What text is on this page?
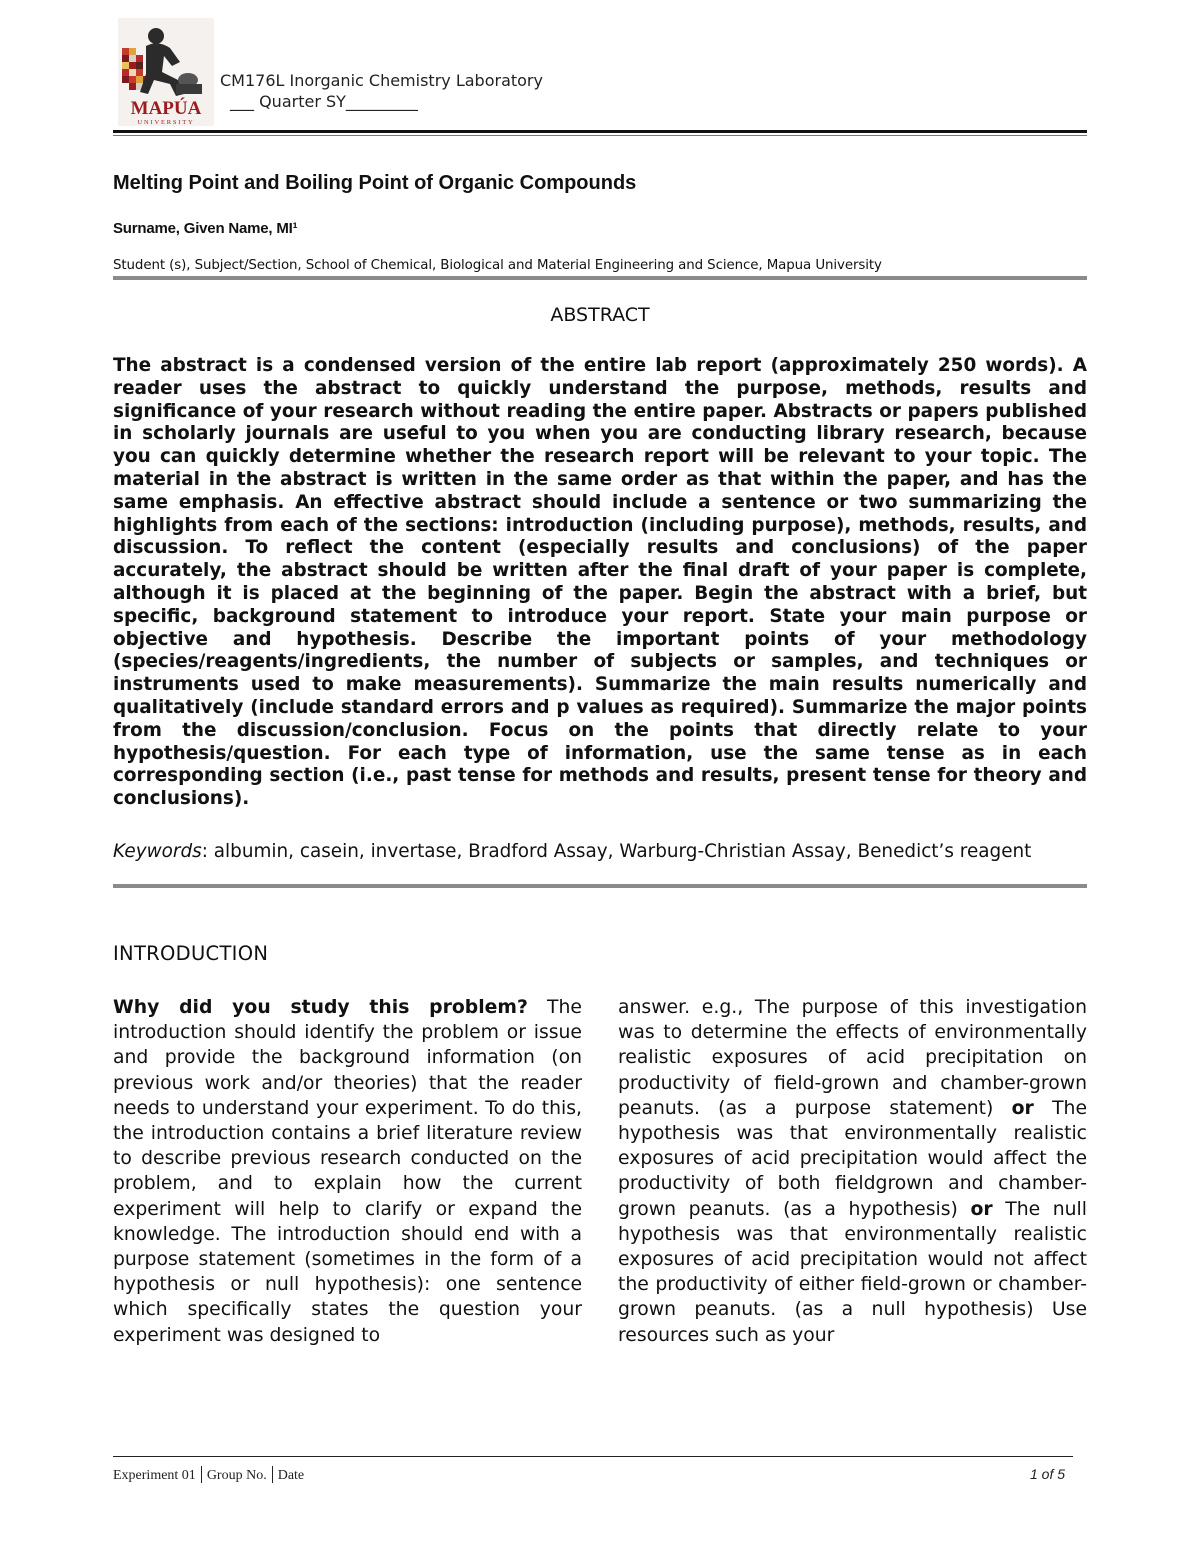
MAPÚA
UNIVERSITY
CM176L Inorganic Chemistry Laboratory
___ Quarter SY_________
Melting Point and Boiling Point of Organic Compounds
Surname, Given Name, MI¹
Student (s), Subject/Section, School of Chemical, Biological and Material Engineering and Science, Mapua University
ABSTRACT

The abstract is a condensed version of the entire lab report (approximately 250 words). A reader uses the abstract to quickly understand the purpose, methods, results and significance of your research without reading the entire paper. Abstracts or papers published in scholarly journals are useful to you when you are conducting library research, because you can quickly determine whether the research report will be relevant to your topic. The material in the abstract is written in the same order as that within the paper, and has the same emphasis. An effective abstract should include a sentence or two summarizing the highlights from each of the sections: introduction (including purpose), methods, results, and discussion. To reflect the content (especially results and conclusions) of the paper accurately, the abstract should be written after the final draft of your paper is complete, although it is placed at the beginning of the paper. Begin the abstract with a brief, but specific, background statement to introduce your report. State your main purpose or objective and hypothesis. Describe the important points of your methodology (species/reagents/ingredients, the number of subjects or samples, and techniques or instruments used to make measurements). Summarize the main results numerically and qualitatively (include standard errors and p values as required). Summarize the major points from the discussion/conclusion. Focus on the points that directly relate to your hypothesis/question. For each type of information, use the same tense as in each corresponding section (i.e., past tense for methods and results, present tense for theory and conclusions).

Keywords: albumin, casein, invertase, Bradford Assay, Warburg-Christian Assay, Benedict’s reagent

INTRODUCTION

Why did you study this problem? The introduction should identify the problem or issue and provide the background information (on previous work and/or theories) that the reader needs to understand your experiment. To do this, the introduction contains a brief literature review to describe previous research conducted on the problem, and to explain how the current experiment will help to clarify or expand the knowledge. The introduction should end with a purpose statement (sometimes in the form of a hypothesis or null hypothesis): one sentence which specifically states the question your experiment was designed to

answer. e.g., The purpose of this investigation was to determine the effects of environmentally realistic exposures of acid precipitation on productivity of field-grown and chamber-grown peanuts. (as a purpose statement) or The hypothesis was that environmentally realistic exposures of acid precipitation would affect the productivity of both fieldgrown and chamber-grown peanuts. (as a hypothesis) or The null hypothesis was that environmentally realistic exposures of acid precipitation would not affect the productivity of either field-grown or chamber-grown peanuts. (as a null hypothesis) Use resources such as your

Experiment 01 Group No. Date	1 of 5
